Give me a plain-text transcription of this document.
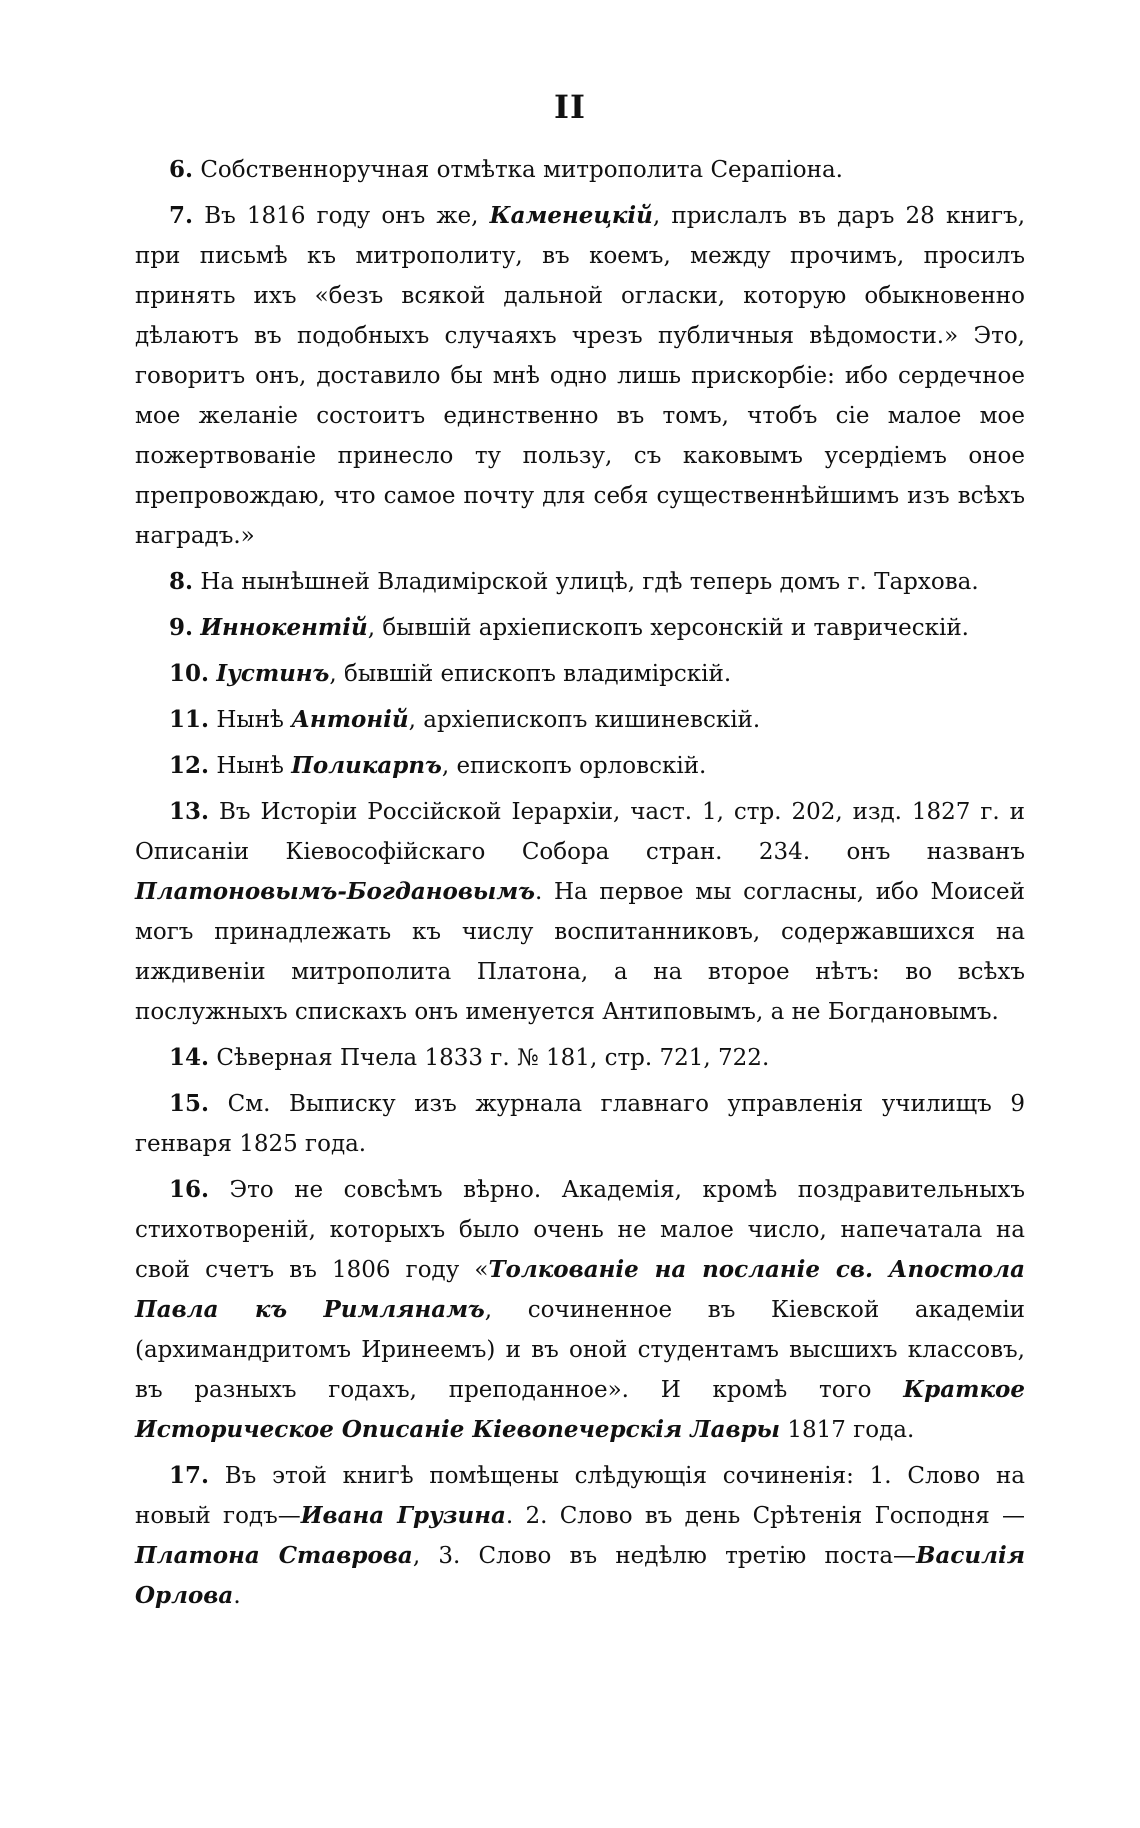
II

6. Собственноручная отмѣтка митрополита Серапіона.

7. Въ 1816 году онъ же, Каменецкій, прислалъ въ даръ 28 книгъ, при письмѣ къ митрополиту, въ коемъ, между прочимъ, просилъ принять ихъ «безъ всякой дальной огласки, которую обыкновенно дѣлаютъ въ подобныхъ случаяхъ чрезъ публичныя вѣдомости.» Это, говоритъ онъ, доставило бы мнѣ одно лишь прискорбіе: ибо сердечное мое желаніе состоитъ единственно въ томъ, чтобъ сіе малое мое пожертвованіе принесло ту пользу, съ каковымъ усердіемъ оное препровождаю, что самое почту для себя существеннѣйшимъ изъ всѣхъ наградъ.»

8. На нынѣшней Владимірской улицѣ, гдѣ теперь домъ г. Тархова.

9. Иннокентій, бывшій архіепископъ херсонскій и таврическій.

10. Іустинъ, бывшій епископъ владимірскій.

11. Нынѣ Антоній, архіепископъ кишиневскій.

12. Нынѣ Поликарпъ, епископъ орловскій.

13. Въ Исторіи Россійской Іерархіи, част. 1, стр. 202, изд. 1827 г. и Описаніи Кіевософійскаго Собора стран. 234. онъ названъ Платоновымъ-Богдановымъ. На первое мы согласны, ибо Моисей могъ принадлежать къ числу воспитанниковъ, содержавшихся на иждивеніи митрополита Платона, а на второе нѣтъ: во всѣхъ послужныхъ спискахъ онъ именуется Антиповымъ, а не Богдановымъ.

14. Сѣверная Пчела 1833 г. № 181, стр. 721, 722.

15. См. Выписку изъ журнала главнаго управленія училищъ 9 генваря 1825 года.

16. Это не совсѣмъ вѣрно. Академія, кромѣ поздравительныхъ стихотвореній, которыхъ было очень не малое число, напечатала на свой счетъ въ 1806 году «Толкованіе на посланіе св. Апостола Павла къ Римлянамъ, сочиненное въ Кіевской академіи (архимандритомъ Иринеемъ) и въ оной студентамъ высшихъ классовъ, въ разныхъ годахъ, преподанное». И кромѣ того Краткое Историческое Описаніе Кіевопечерскія Лавры 1817 года.

17. Въ этой книгѣ помѣщены слѣдующія сочиненія: 1. Слово на новый годъ—Ивана Грузина. 2. Слово въ день Срѣтенія Господня — Платона Ставрова, 3. Слово въ недѣлю третію поста—Василія Орлова.
